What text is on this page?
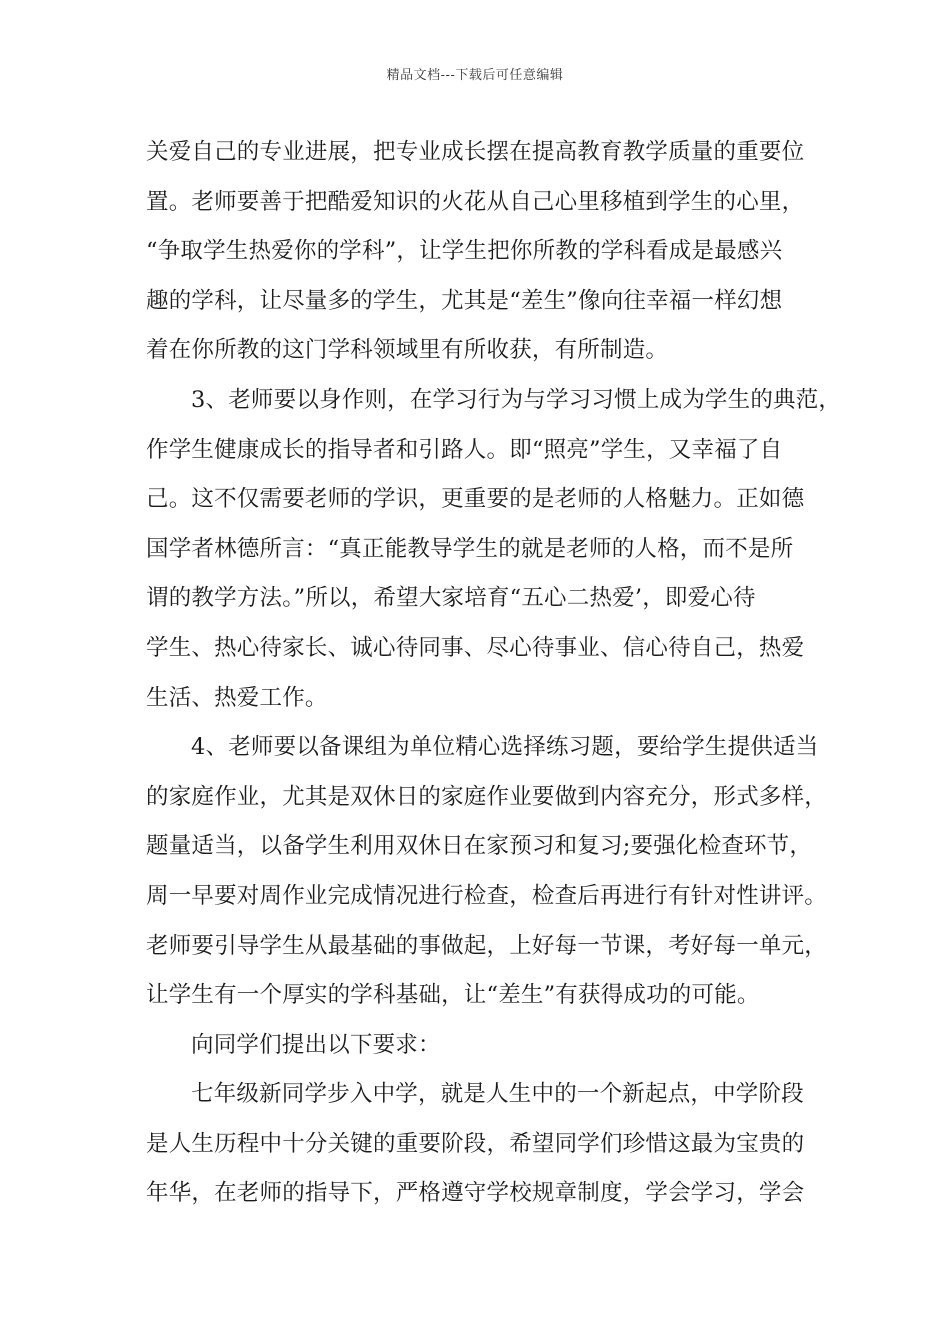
精品文档---下载后可任意编辑
关爱自己的专业进展，把专业成长摆在提高教育教学质量的重要位
置。老师要善于把酷爱知识的火花从自己心里移植到学生的心里，
“争取学生热爱你的学科”，让学生把你所教的学科看成是最感兴
趣的学科，让尽量多的学生，尤其是“差生”像向往幸福一样幻想
着在你所教的这门学科领域里有所收获，有所制造。
3、老师要以身作则，在学习行为与学习习惯上成为学生的典范，
作学生健康成长的指导者和引路人。即“照亮”学生，又幸福了自
己。这不仅需要老师的学识，更重要的是老师的人格魅力。正如德
国学者林德所言：“真正能教导学生的就是老师的人格，而不是所
谓的教学方法。”所以，希望大家培育“五心二热爱’，即爱心待
学生、热心待家长、诚心待同事、尽心待事业、信心待自己，热爱
生活、热爱工作。
4、老师要以备课组为单位精心选择练习题，要给学生提供适当
的家庭作业，尤其是双休日的家庭作业要做到内容充分，形式多样，
题量适当，以备学生利用双休日在家预习和复习;要强化检查环节，
周一早要对周作业完成情况进行检查，检查后再进行有针对性讲评。
老师要引导学生从最基础的事做起，上好每一节课，考好每一单元，
让学生有一个厚实的学科基础，让“差生”有获得成功的可能。
向同学们提出以下要求：
七年级新同学步入中学，就是人生中的一个新起点，中学阶段
是人生历程中十分关键的重要阶段，希望同学们珍惜这最为宝贵的
年华，在老师的指导下，严格遵守学校规章制度，学会学习，学会
